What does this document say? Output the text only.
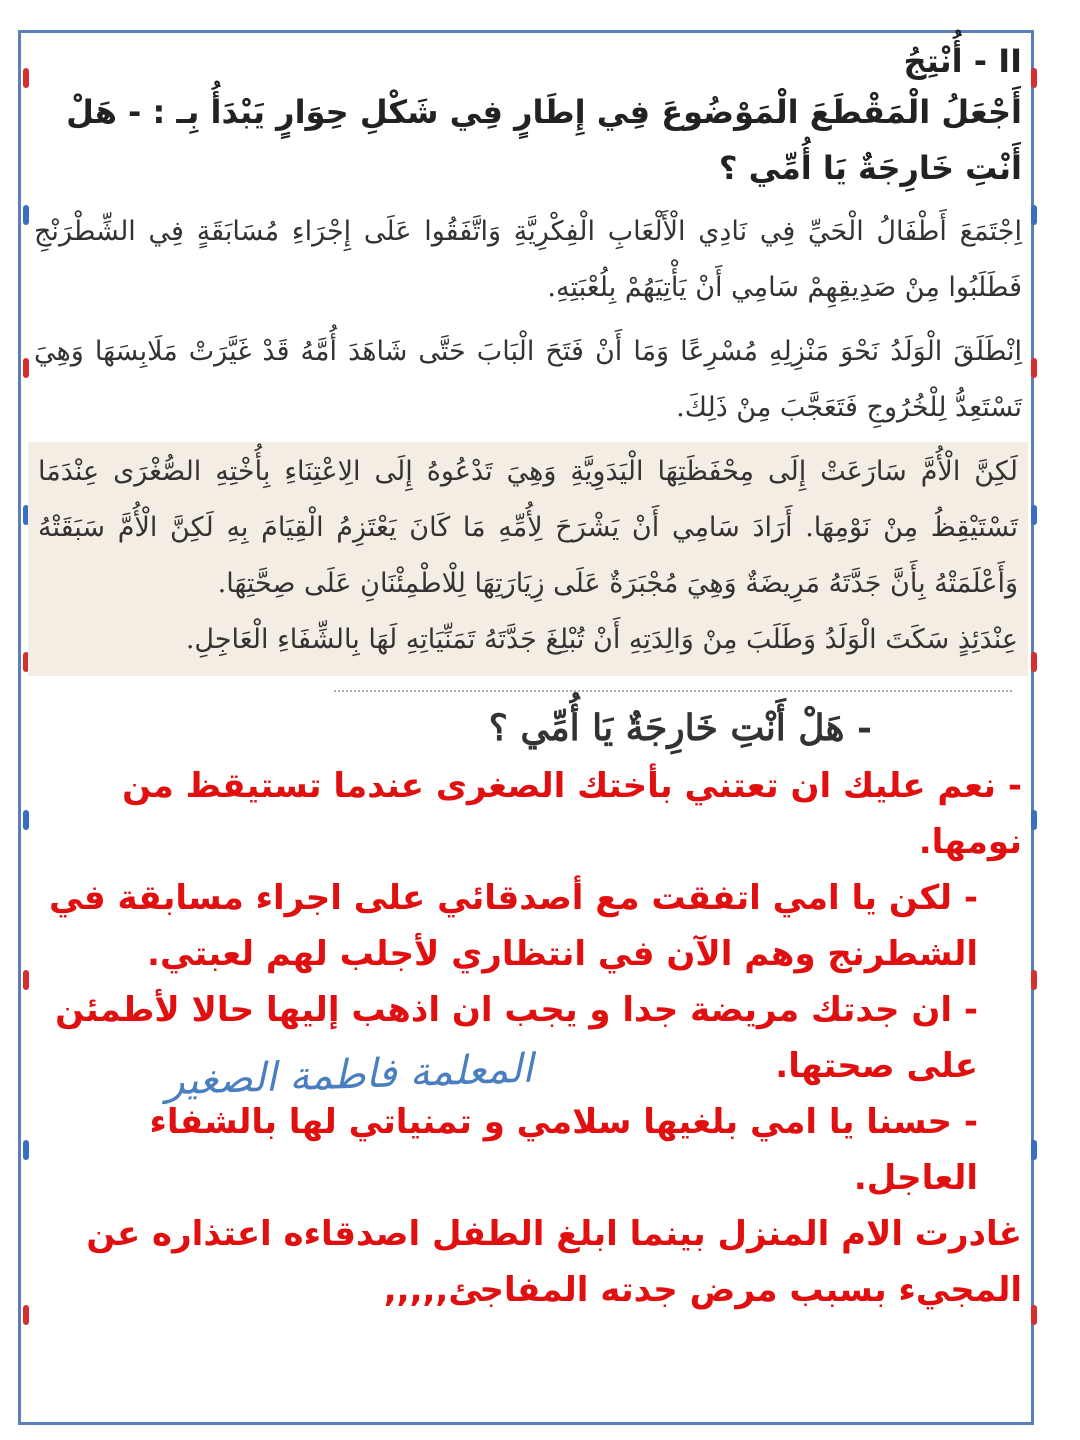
II - أُنْتِجُ

أَجْعَلُ الْمَقْطَعَ الْمَوْضُوعَ فِي إِطَارٍ فِي شَكْلِ حِوَارٍ يَبْدَأُ بِـ : - هَلْ أَنْتِ خَارِجَةٌ يَا أُمِّي ؟

اِجْتَمَعَ أَطْفَالُ الْحَيِّ فِي نَادِي الْأَلْعَابِ الْفِكْرِيَّةِ وَاتَّفَقُوا عَلَى إِجْرَاءِ مُسَابَقَةٍ فِي الشِّطْرَنْجِ فَطَلَبُوا مِنْ صَدِيقِهِمْ سَامِي أَنْ يَأْتِيَهُمْ بِلُعْبَتِهِ.

اِنْطَلَقَ الْوَلَدُ نَحْوَ مَنْزِلِهِ مُسْرِعًا وَمَا أَنْ فَتَحَ الْبَابَ حَتَّى شَاهَدَ أُمَّهُ قَدْ غَيَّرَتْ مَلَابِسَهَا وَهِيَ تَسْتَعِدُّ لِلْخُرُوجِ فَتَعَجَّبَ مِنْ ذَلِكَ.

لَكِنَّ الْأُمَّ سَارَعَتْ إِلَى مِحْفَظَتِهَا الْيَدَوِيَّةِ وَهِيَ تَدْعُوهُ إِلَى الِاعْتِنَاءِ بِأُخْتِهِ الصُّغْرَى عِنْدَمَا تَسْتَيْقِظُ مِنْ نَوْمِهَا. أَرَادَ سَامِي أَنْ يَشْرَحَ لِأُمِّهِ مَا كَانَ يَعْتَزِمُ الْقِيَامَ بِهِ لَكِنَّ الْأُمَّ سَبَقَتْهُ وَأَعْلَمَتْهُ بِأَنَّ جَدَّتَهُ مَرِيضَةٌ وَهِيَ مُجْبَرَةٌ عَلَى زِيَارَتِهَا لِلْاطْمِئْنَانِ عَلَى صِحَّتِهَا.

عِنْدَئِذٍ سَكَتَ الْوَلَدُ وَطَلَبَ مِنْ وَالِدَتِهِ أَنْ تُبْلِغَ جَدَّتَهُ تَمَنِّيَاتِهِ لَهَا بِالشِّفَاءِ الْعَاجِلِ.

- هَلْ أَنْتِ خَارِجَةٌ يَا أُمِّي ؟

- نعم عليك ان تعتني بأختك الصغرى عندما تستيقظ من نومها.

- لكن يا امي اتفقت مع أصدقائي على اجراء مسابقة في الشطرنج وهم الآن في انتظاري لأجلب لهم لعبتي.

- ان جدتك مريضة جدا و يجب ان اذهب إليها حالا لأطمئن على صحتها.

- حسنا يا امي بلغيها سلامي و تمنياتي لها بالشفاء العاجل.

غادرت الام المنزل بينما ابلغ الطفل اصدقاءه اعتذاره عن المجيء بسبب مرض جدته المفاجئ,,,,,

المعلمة فاطمة الصغير
